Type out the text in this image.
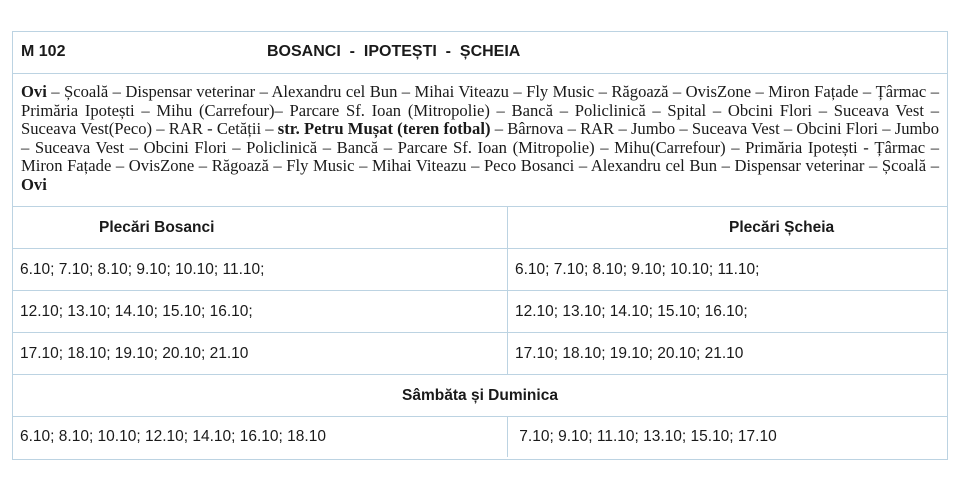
M 102	BOSANCI  -  IPOTEȘTI  -  ȘCHEIA
Ovi – Școală – Dispensar veterinar – Alexandru cel Bun – Mihai Viteazu – Fly Music – Răgoază – OvisZone – Miron Fațade – Țârmac – Primăria Ipotești – Mihu (Carrefour)– Parcare Sf. Ioan (Mitropolie) – Bancă – Policlinică – Spital – Obcini Flori – Suceava Vest –Suceava Vest(Peco) – RAR - Cetății – str. Petru Mușat (teren fotbal) – Bârnova – RAR – Jumbo – Suceava Vest – Obcini Flori – Jumbo – Suceava Vest – Obcini Flori – Policlinică – Bancă – Parcare Sf. Ioan (Mitropolie) – Mihu(Carrefour) – Primăria Ipotești - Țârmac – Miron Fațade – OvisZone – Răgoază – Fly Music – Mihai Viteazu – Peco Bosanci – Alexandru cel Bun – Dispensar veterinar – Școală – Ovi
Plecări Bosanci	Plecări Șcheia
6.10; 7.10; 8.10; 9.10; 10.10; 11.10;	6.10; 7.10; 8.10; 9.10; 10.10; 11.10;
12.10; 13.10; 14.10; 15.10; 16.10;	12.10; 13.10; 14.10; 15.10; 16.10;
17.10; 18.10; 19.10; 20.10; 21.10	17.10; 18.10; 19.10; 20.10; 21.10
Sâmbăta și Duminica
6.10; 8.10; 10.10; 12.10; 14.10; 16.10; 18.10	7.10; 9.10; 11.10; 13.10; 15.10; 17.10
